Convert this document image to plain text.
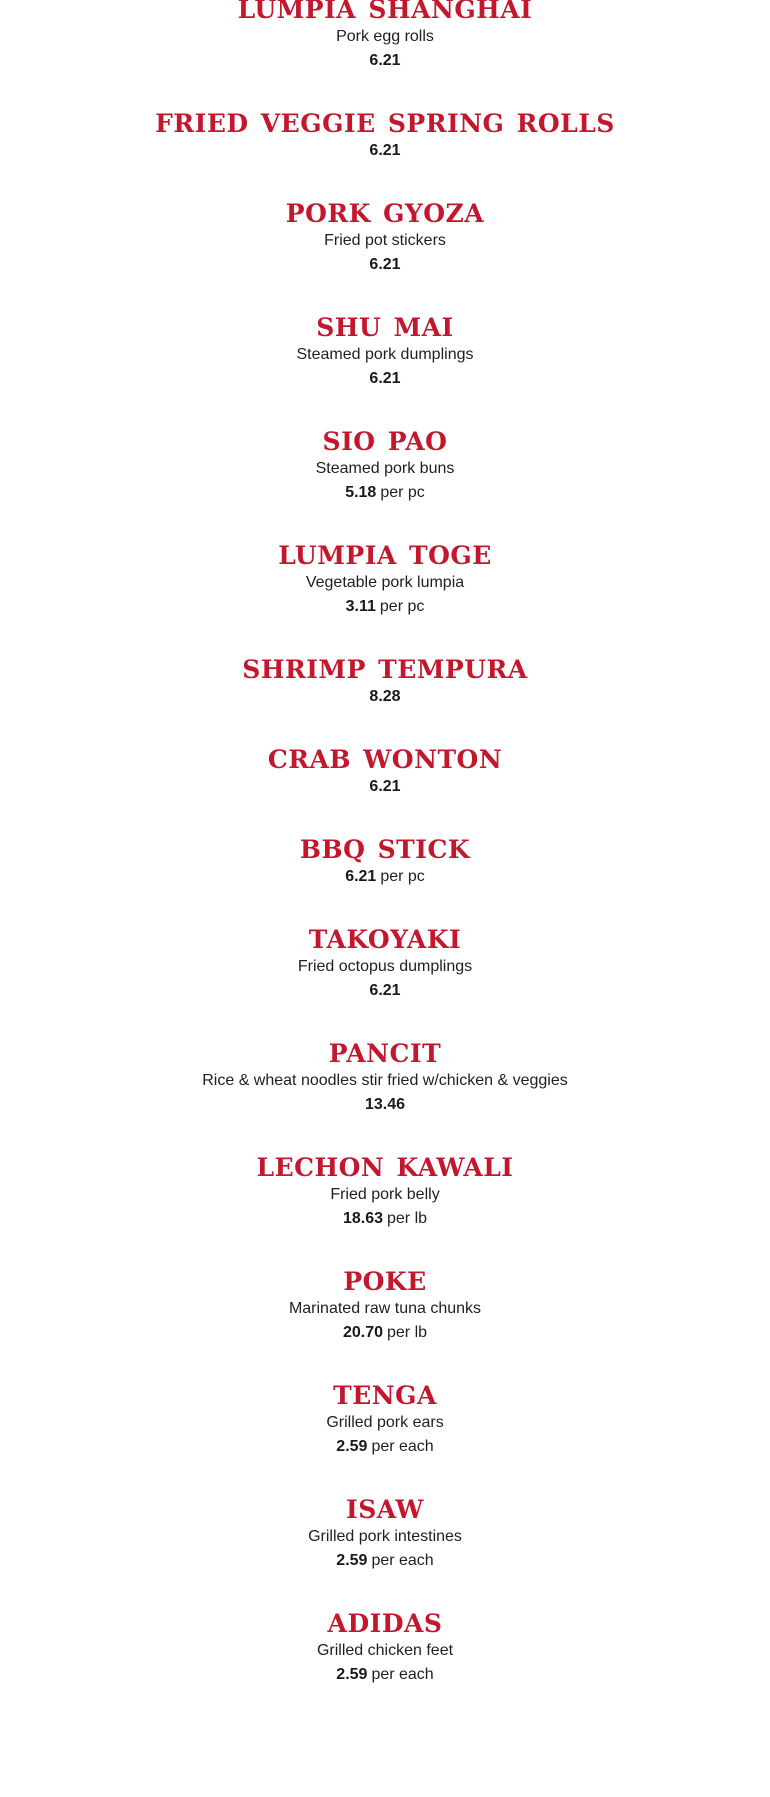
LUMPIA SHANGHAI

Pork egg rolls

6.21

FRIED VEGGIE SPRING ROLLS

6.21

PORK GYOZA

Fried pot stickers

6.21

SHU MAI

Steamed pork dumplings

6.21

SIO PAO

Steamed pork buns

5.18 per pc

LUMPIA TOGE

Vegetable pork lumpia

3.11 per pc

SHRIMP TEMPURA

8.28

CRAB WONTON

6.21

BBQ STICK

6.21 per pc

TAKOYAKI

Fried octopus dumplings

6.21

PANCIT

Rice & wheat noodles stir fried w/chicken & veggies

13.46

LECHON KAWALI

Fried pork belly

18.63 per lb

POKE

Marinated raw tuna chunks

20.70 per lb

TENGA

Grilled pork ears

2.59 per each

ISAW

Grilled pork intestines

2.59 per each

ADIDAS

Grilled chicken feet

2.59 per each
